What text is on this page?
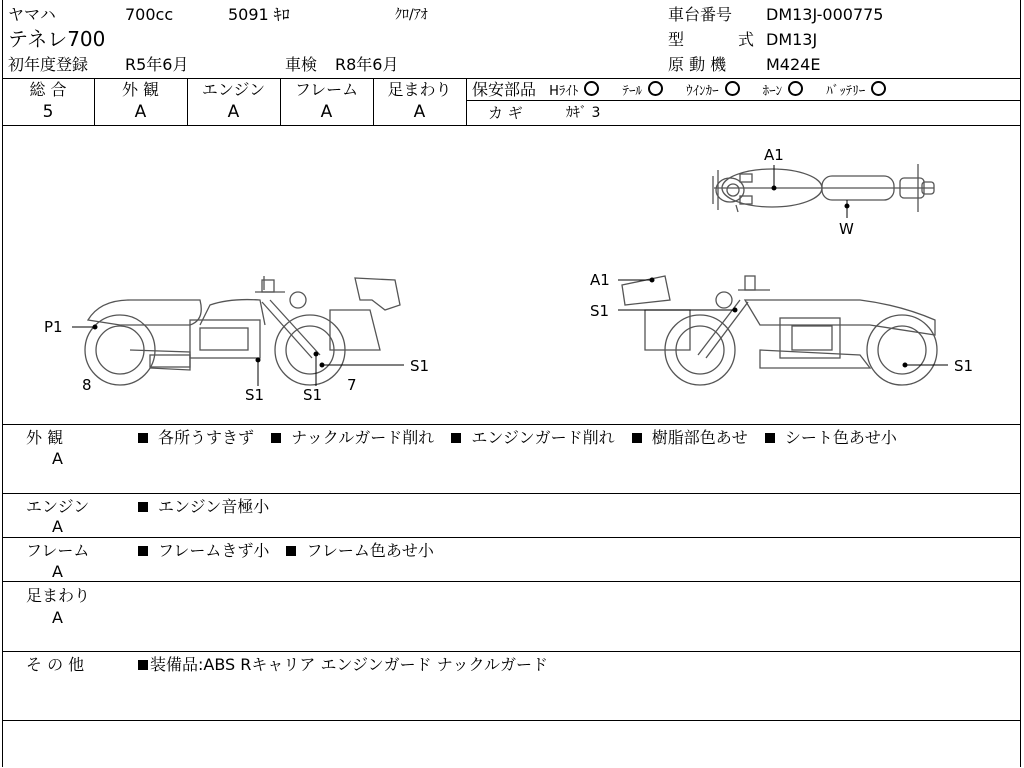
ヤマハ	700cc	5091 ｷﾛ	ｸﾛ/ｱｵ
テネレ700
初年度登録 R5年6月	車検 R8年6月
車台番号 DM13J-000775
型	式 DM13J
原 動 機 M424E
総 合	外 観	エンジン	フレーム	足まわり
5	A	A	A	A
保安部品 Hﾗｲﾄ	ﾃｰﾙ	ｳｲﾝｶｰ	ﾎｰﾝ	ﾊﾞｯﾃﾘｰ
カ ギ	ｶｷﾞ 3
A1
W
P1
8
S1	S1
7
S1
A1
S1
S1
外 観
A
各所うすきず ナックルガード削れ エンジンガード削れ 樹脂部色あせ シート色あせ小
エンジン
A
エンジン音極小
フレーム
A
フレームきず小 フレーム色あせ小
足まわり
A
そ の 他	装備品:ABS Rキャリア エンジンガード ナックルガード
